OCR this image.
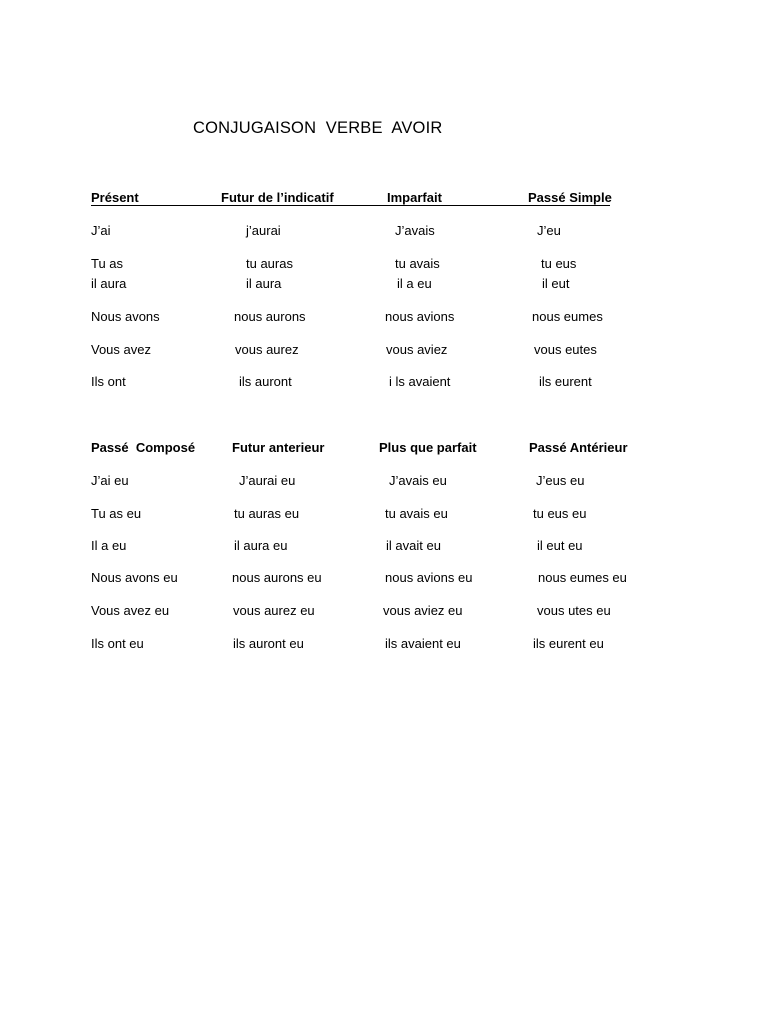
CONJUGAISON  VERBE  AVOIR
Présent	Futur de l’indicatif	Imparfait	Passé Simple
J’ai	j’aurai	J’avais	J’eu
Tu as	tu auras	tu avais	tu eus
il aura	il aura	il a eu	il eut
Nous avons	nous aurons	nous avions	nous eumes
Vous avez	vous aurez	vous aviez	vous eutes
Ils ont	ils auront	i ls avaient	ils eurent
Passé  Composé	Futur anterieur	Plus que parfait	Passé Antérieur
J’ai eu	J’aurai eu	J’avais eu	J’eus eu
Tu as eu	tu auras eu	tu avais eu	tu eus eu
Il a eu	il aura eu	il avait eu	il eut eu
Nous avons eu	nous aurons eu	nous avions eu	nous eumes eu
Vous avez eu	vous aurez eu	vous aviez eu	vous utes eu
Ils ont eu	ils auront eu	ils avaient eu	ils eurent eu
